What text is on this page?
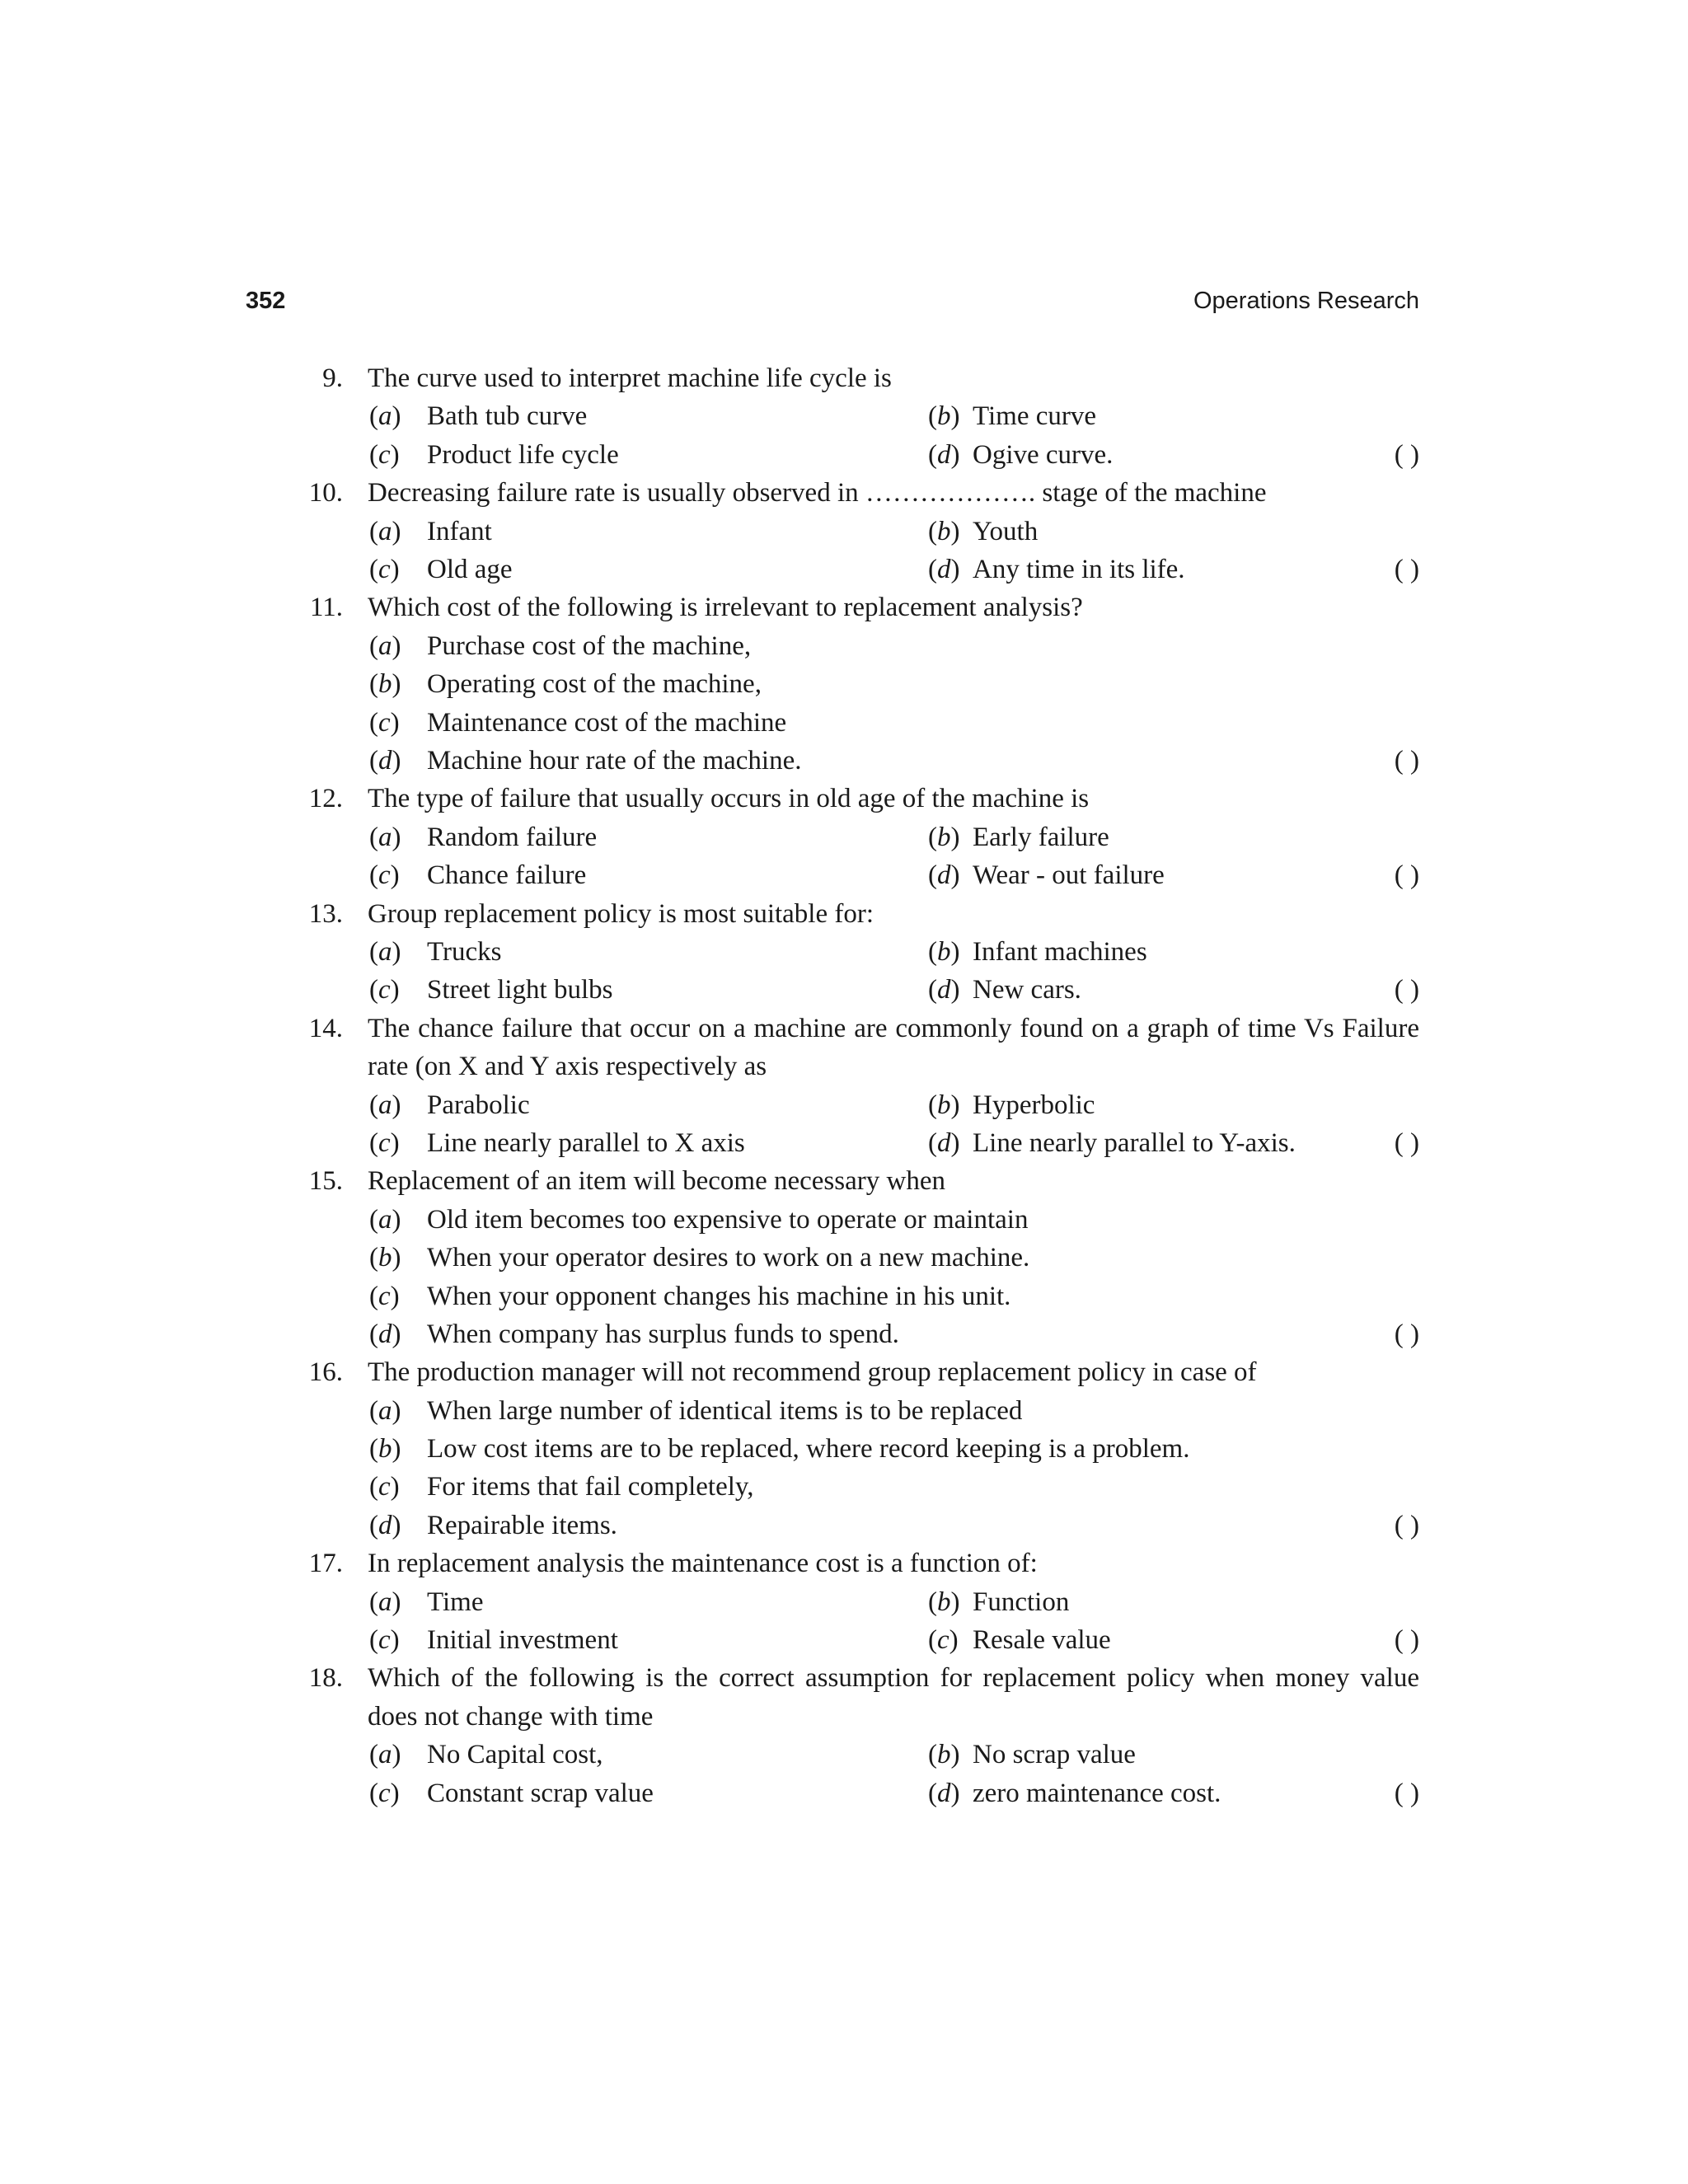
352	Operations Research
9. The curve used to interpret machine life cycle is
(a) Bath tub curve	(b) Time curve
(c) Product life cycle	(d) Ogive curve.	( )
10. Decreasing failure rate is usually observed in ………………. stage of the machine
(a) Infant	(b) Youth
(c) Old age	(d) Any time in its life.	( )
11. Which cost of the following is irrelevant to replacement analysis?
(a) Purchase cost of the machine,
(b) Operating cost of the machine,
(c) Maintenance cost of the machine
(d) Machine hour rate of the machine.	( )
12. The type of failure that usually occurs in old age of the machine is
(a) Random failure	(b) Early failure
(c) Chance failure	(d) Wear - out failure	( )
13. Group replacement policy is most suitable for:
(a) Trucks	(b) Infant machines
(c) Street light bulbs	(d) New cars.	( )
14. The chance failure that occur on a machine are commonly found on a graph of time Vs Failure rate (on X and Y axis respectively as
(a) Parabolic	(b) Hyperbolic
(c) Line nearly parallel to X axis	(d) Line nearly parallel to Y-axis.	( )
15. Replacement of an item will become necessary when
(a) Old item becomes too expensive to operate or maintain
(b) When your operator desires to work on a new machine.
(c) When your opponent changes his machine in his unit.
(d) When company has surplus funds to spend.	( )
16. The production manager will not recommend group replacement policy in case of
(a) When large number of identical items is to be replaced
(b) Low cost items are to be replaced, where record keeping is a problem.
(c) For items that fail completely,
(d) Repairable items.	( )
17. In replacement analysis the maintenance cost is a function of:
(a) Time	(b) Function
(c) Initial investment	(c) Resale value	( )
18. Which of the following is the correct assumption for replacement policy when money value does not change with time
(a) No Capital cost,	(b) No scrap value
(c) Constant scrap value	(d) zero maintenance cost.	( )
